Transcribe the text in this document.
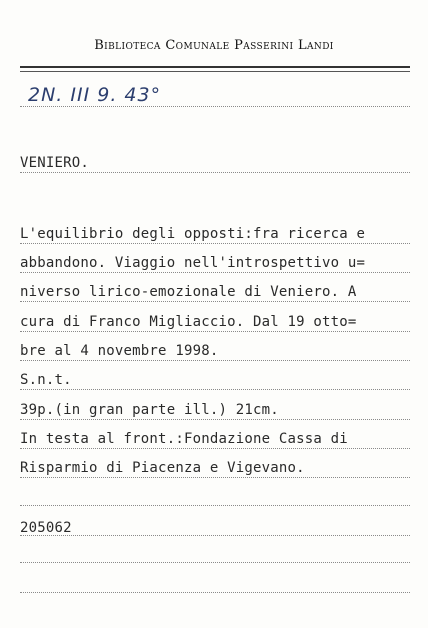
Biblioteca Comunale Passerini Landi
2N. III 9. 43°
VENIERO.
L'equilibrio degli opposti:fra ricerca e
abbandono. Viaggio nell'introspettivo u=
niverso lirico-emozionale di Veniero. A
cura di Franco Migliaccio. Dal 19 otto=
bre al 4 novembre 1998.
S.n.t.
39p.(in gran parte ill.) 21cm.
In testa al front.:Fondazione Cassa di
Risparmio di Piacenza e Vigevano.
205062
